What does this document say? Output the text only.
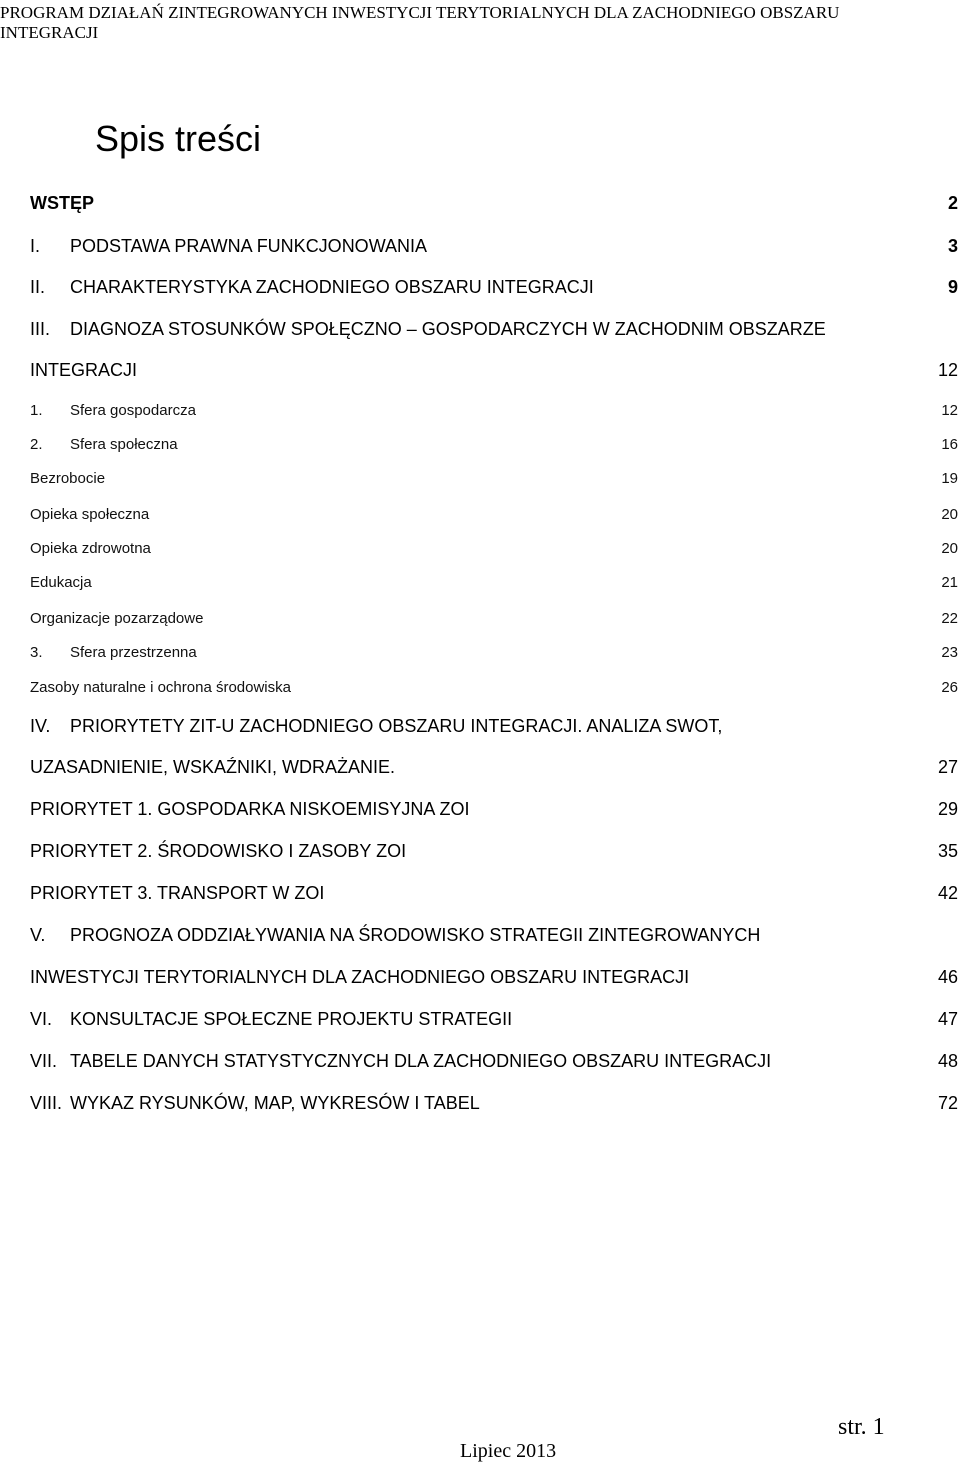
PROGRAM DZIAŁAŃ ZINTEGROWANYCH INWESTYCJI TERYTORIALNYCH DLA ZACHODNIEGO OBSZARU
INTEGRACJI
Spis treści
WSTĘP	2
I. PODSTAWA PRAWNA FUNKCJONOWANIA	3
II. CHARAKTERYSTYKA ZACHODNIEGO OBSZARU INTEGRACJI	9
III. DIAGNOZA STOSUNKÓW SPOŁĘCZNO – GOSPODARCZYCH W ZACHODNIM OBSZARZE
INTEGRACJI	12
1. Sfera gospodarcza	12
2. Sfera społeczna	16
Bezrobocie	19
Opieka społeczna	20
Opieka zdrowotna	20
Edukacja	21
Organizacje pozarządowe	22
3. Sfera przestrzenna	23
Zasoby naturalne i ochrona środowiska	26
IV. PRIORYTETY ZIT-U ZACHODNIEGO OBSZARU INTEGRACJI. ANALIZA SWOT,
UZASADNIENIE, WSKAŹNIKI, WDRAŻANIE.	27
PRIORYTET 1. GOSPODARKA NISKOEMISYJNA ZOI	29
PRIORYTET 2. ŚRODOWISKO I ZASOBY ZOI	35
PRIORYTET 3. TRANSPORT W ZOI	42
V. PROGNOZA ODDZIAŁYWANIA NA ŚRODOWISKO STRATEGII ZINTEGROWANYCH
INWESTYCJI TERYTORIALNYCH DLA ZACHODNIEGO OBSZARU INTEGRACJI	46
VI. KONSULTACJE SPOŁECZNE PROJEKTU STRATEGII	47
VII. TABELE DANYCH STATYSTYCZNYCH DLA ZACHODNIEGO OBSZARU INTEGRACJI	48
VIII. WYKAZ RYSUNKÓW, MAP, WYKRESÓW I TABEL	72
str. 1
Lipiec 2013
